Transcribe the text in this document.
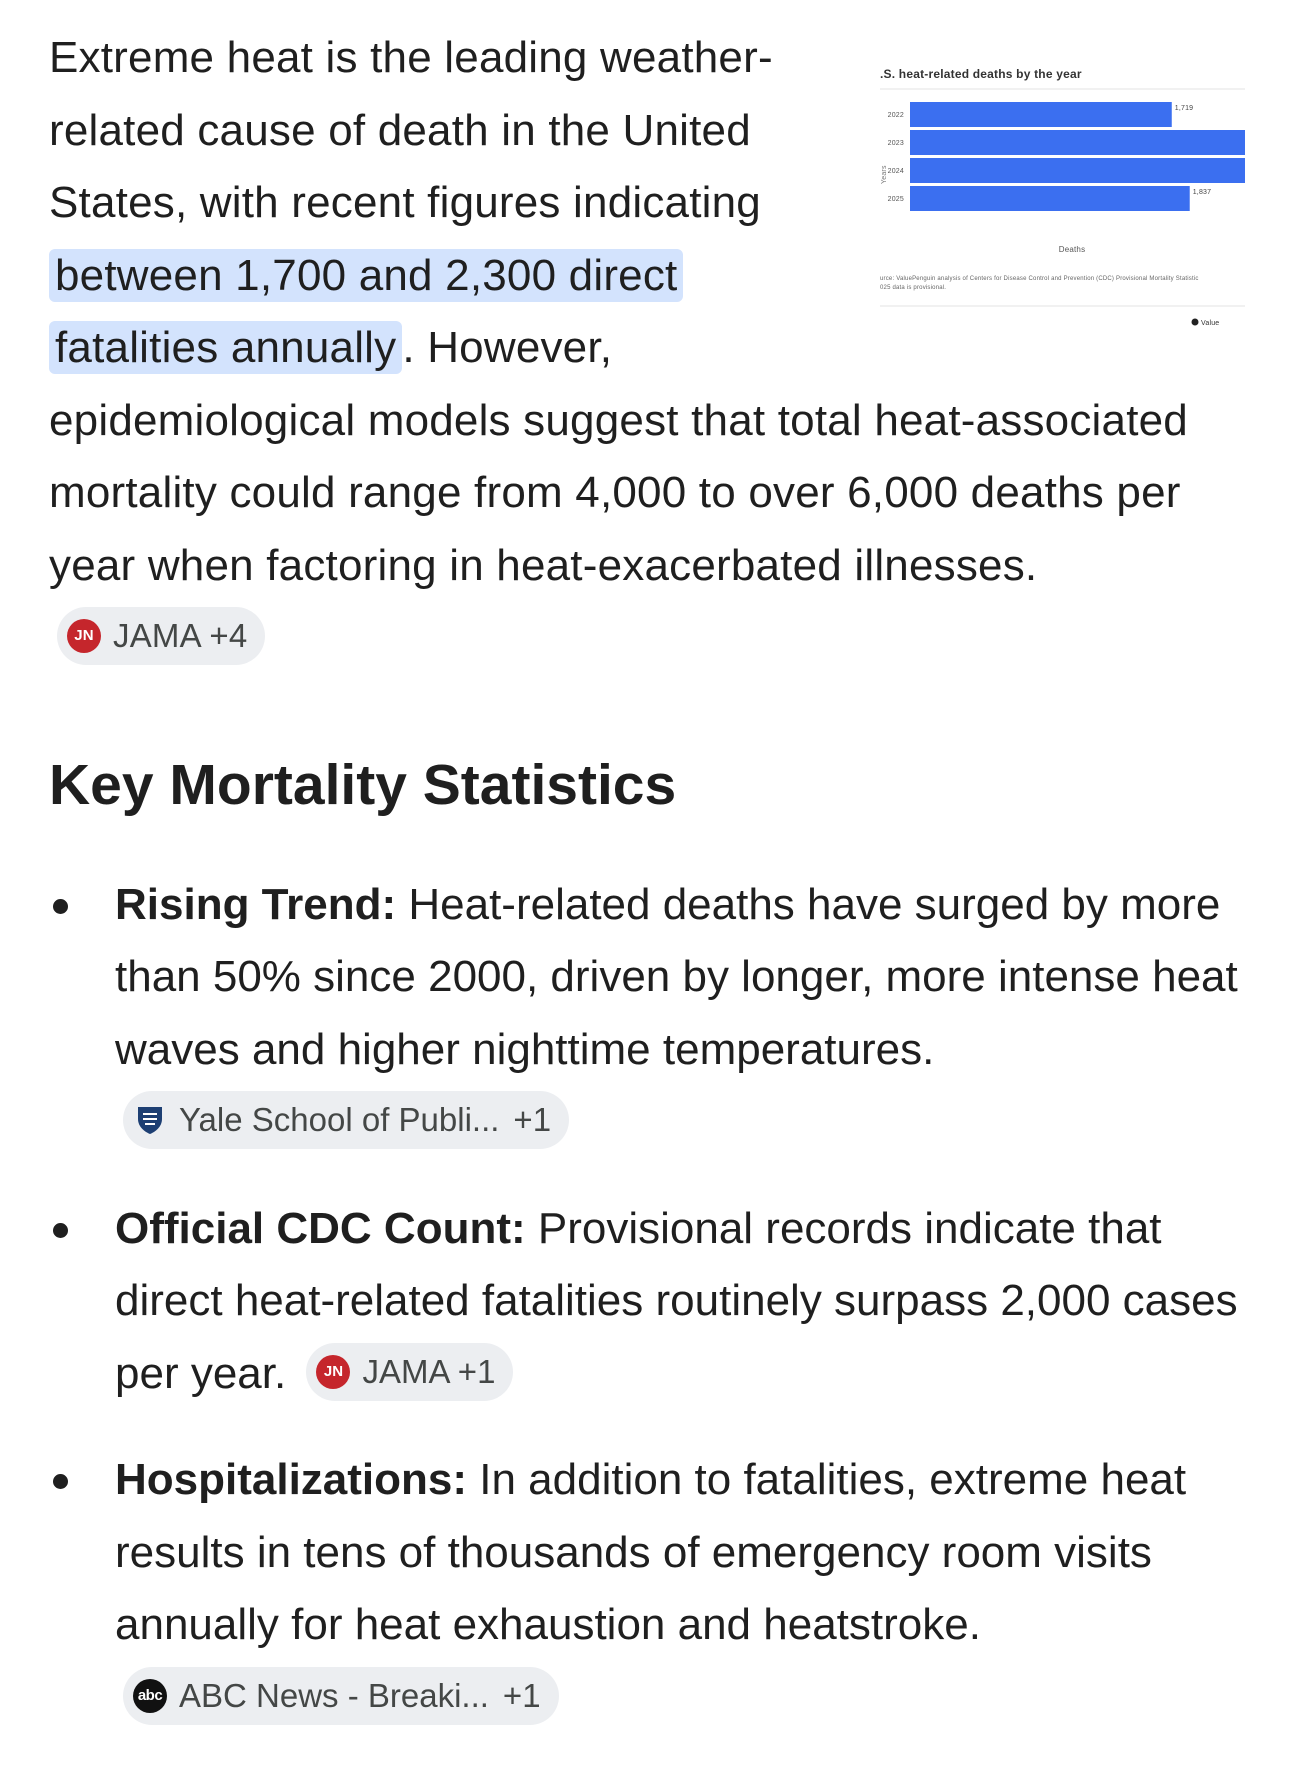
.S. heat-related deaths by the year
Years
2022
1,719
2023
2024
2025
1,837
Deaths
urce: ValuePenguin analysis of Centers for Disease Control and Prevention (CDC) Provisional Mortality Statistic
025 data is provisional.
Value
Extreme heat is the leading weather-related cause of death in the United States, with recent figures indicating between 1,700 and 2,300 direct fatalities annually . However, epidemiological models suggest that total heat-associated mortality could range from 4,000 to over 6,000 deaths per year when factoring in heat-exacerbated illnesses.
JN JAMA +4
Key Mortality Statistics
Rising Trend: Heat-related deaths have surged by more than 50% since 2000, driven by longer, more intense heat waves and higher nighttime temperatures.
Yale School of Publi... +1
Official CDC Count: Provisional records indicate that direct heat-related fatalities routinely surpass 2,000 cases per year.	JN JAMA +1
Hospitalizations: In addition to fatalities, extreme heat results in tens of thousands of emergency room visits annually for heat exhaustion and heatstroke.
abc ABC News - Breaki... +1
